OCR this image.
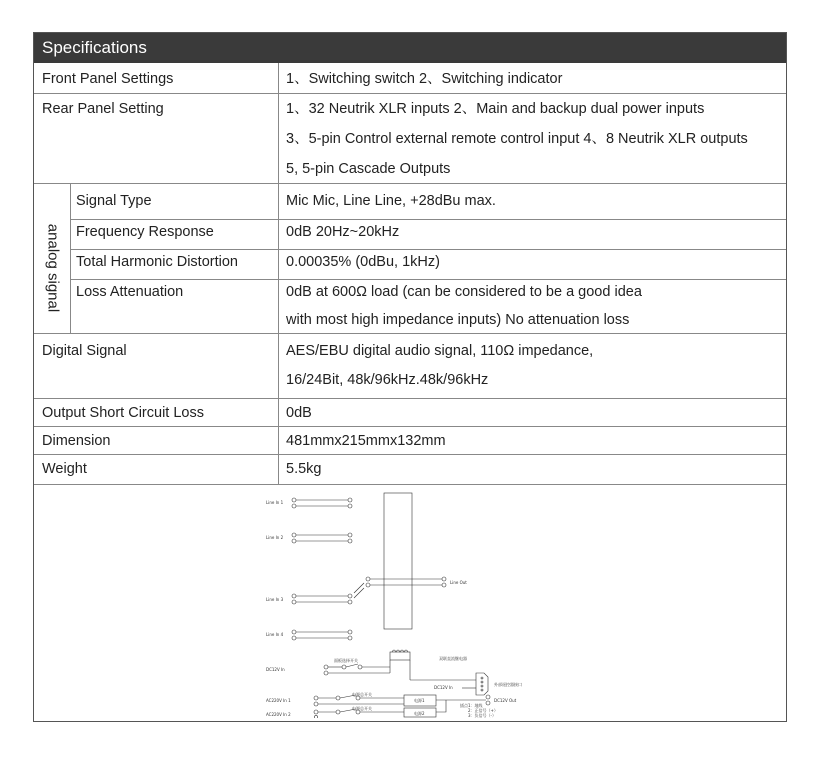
Specifications
Front Panel Settings	1、Switching switch 2、Switching indicator
Rear Panel Setting	1、32 Neutrik XLR inputs 2、Main and backup dual power inputs
3、5-pin Control external remote control input 4、8 Neutrik XLR outputs
5, 5-pin Cascade Outputs
analog signal
Signal Type	Mic Mic, Line Line, +28dBu max.
Frequency Response	0dB 20Hz~20kHz
Total Harmonic Distortion	0.00035% (0dBu, 1kHz)
Loss Attenuation	0dB at 600Ω load (can be considered to be a good idea
with most high impedance inputs) No attenuation loss
Digital Signal	AES/EBU digital audio signal, 110Ω impedance,
16/24Bit, 48k/96kHz.48k/96kHz
Output Short Circuit Loss	0dB
Dimension	481mmx215mmx132mm
Weight	5.5kg
Line In 1
Line In 2
Line Out
Line In 3
Line In 4
双联直流继电器
面板选择开关
DC12V In
外部遥控器接口
DC12V In
电源总开关
AC220V In 1	电源1	DC12V Out
电源总开关
AC220V In 2	电源2
插点1：地线
2：正信号（+）
3：负信号（-）
